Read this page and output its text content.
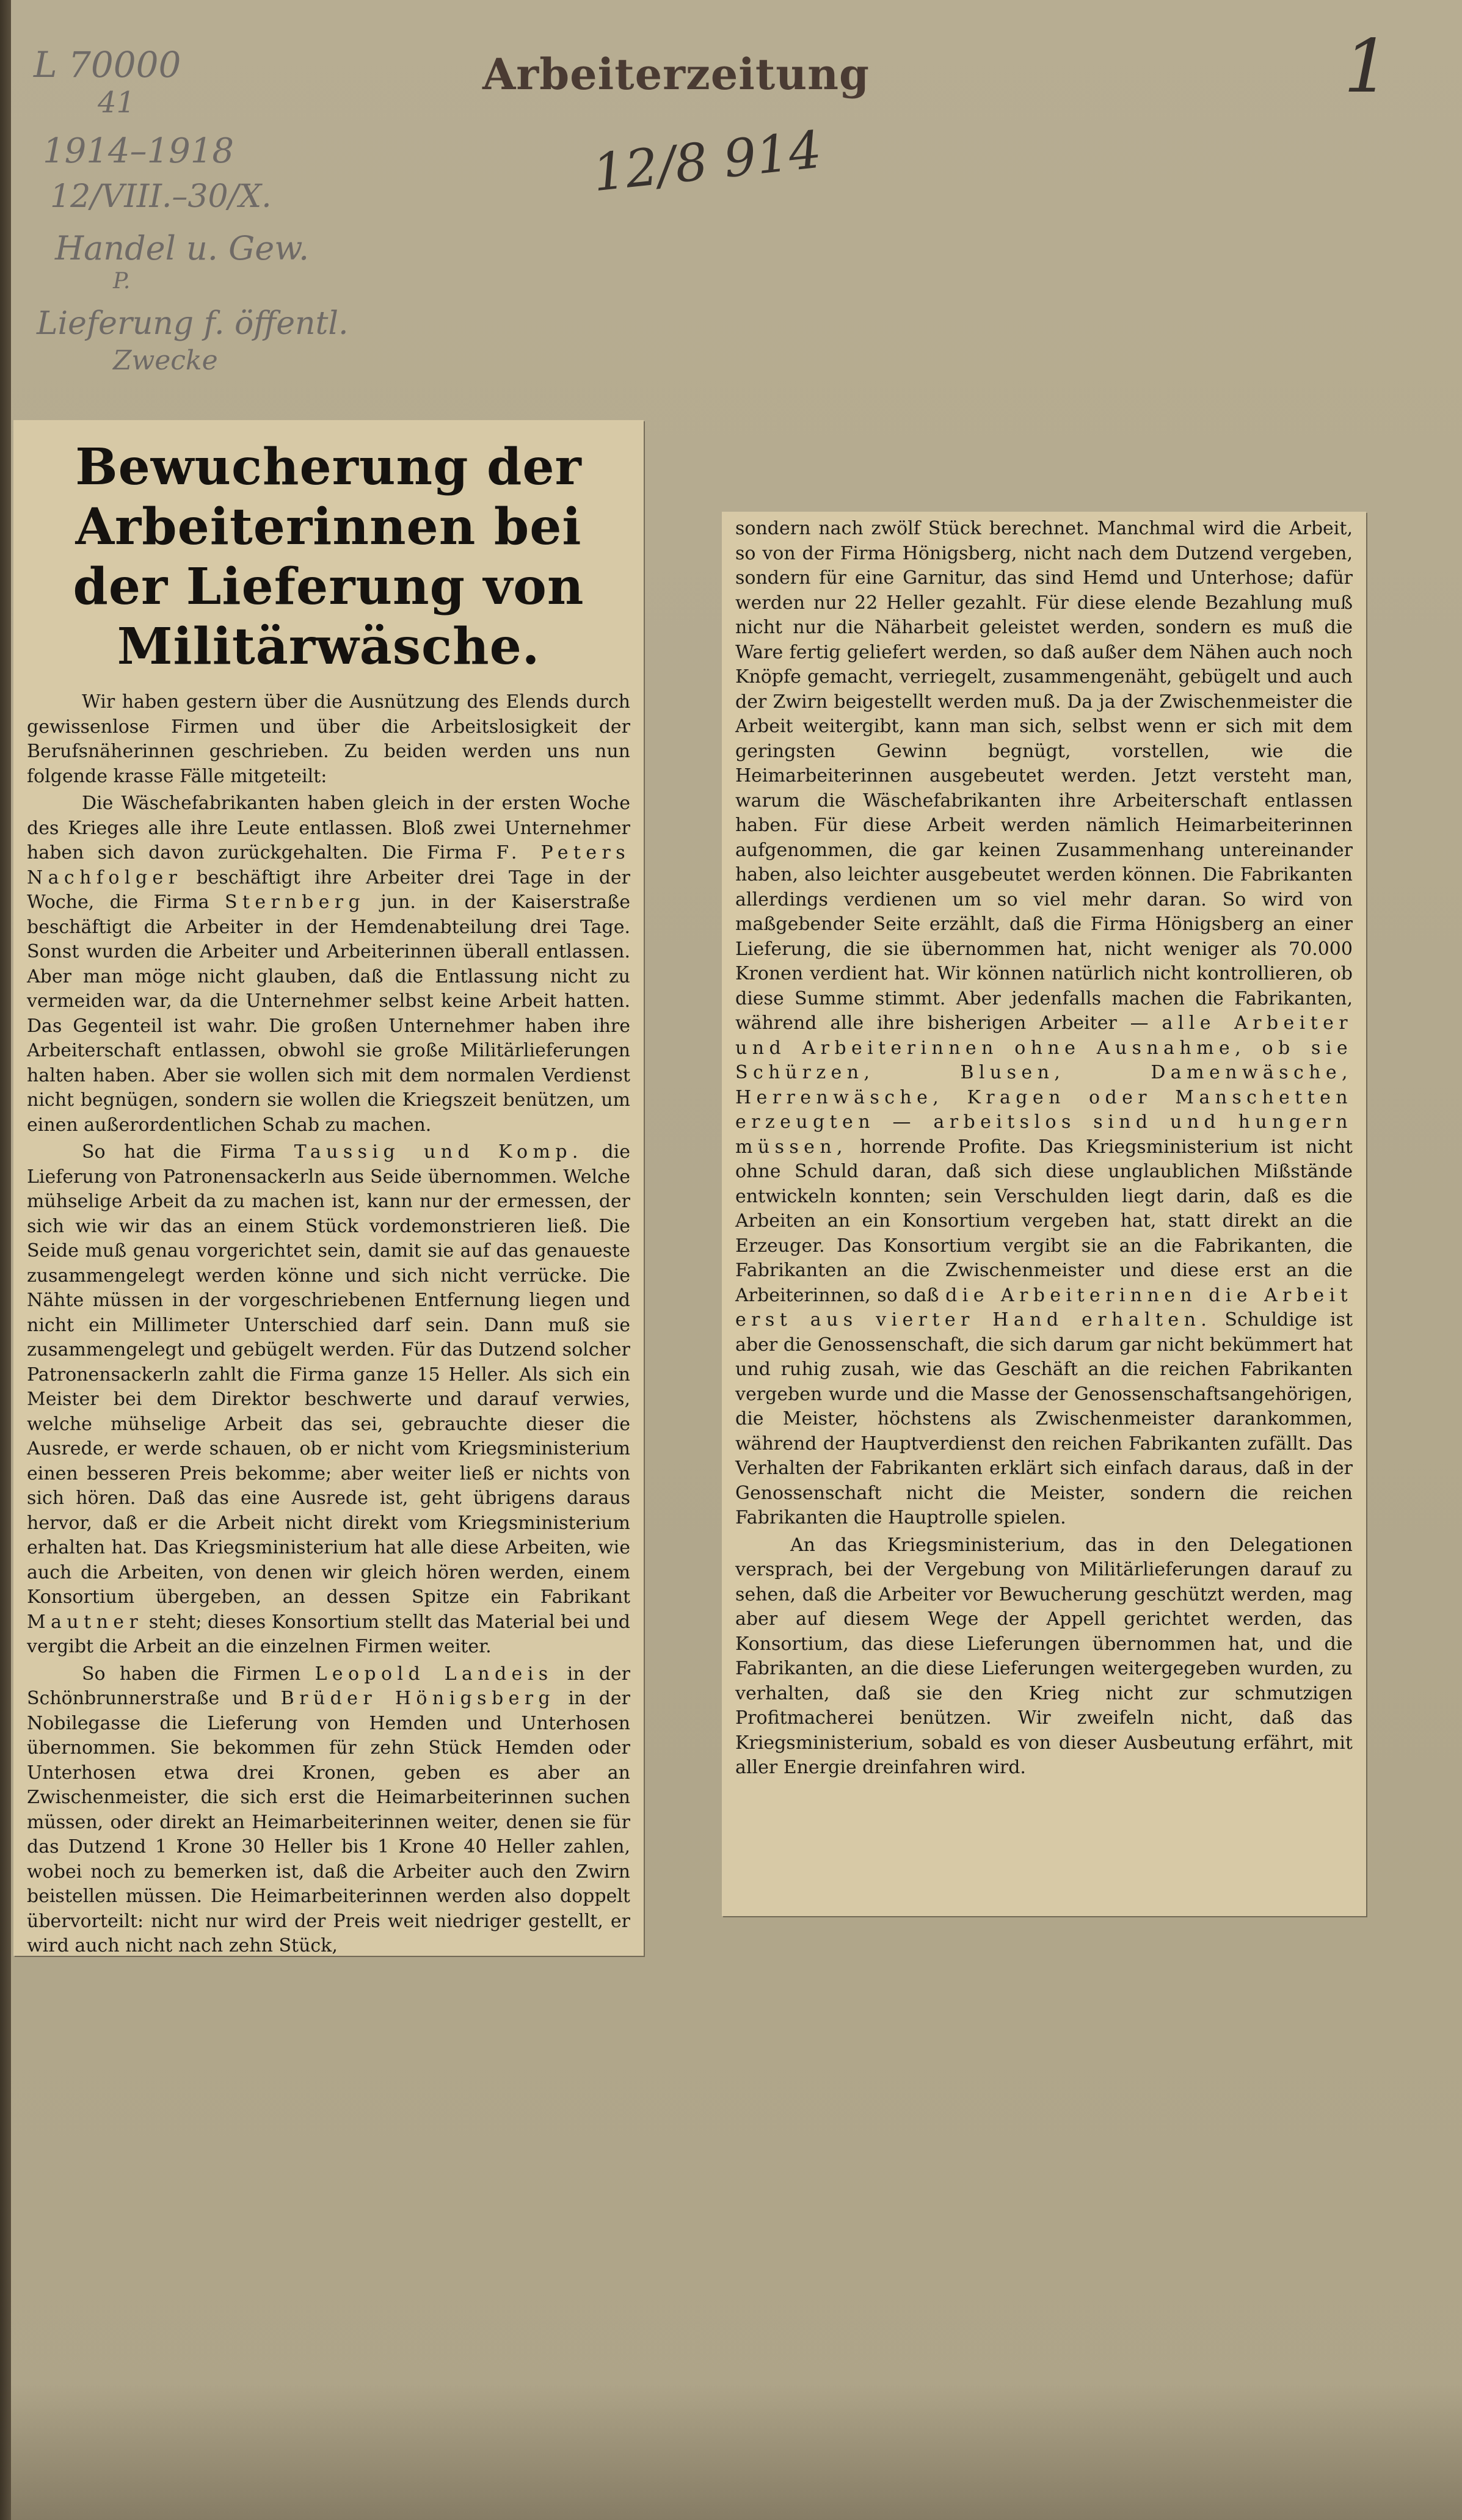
L 70000
41
1914–1918
12/VIII.–30/X.
Handel u. Gew.
P.
Lieferung f. öffentl.
Zwecke
Arbeiterzeitung
12/8 914
1
Bewucherung der Arbeiterinnen bei der Lieferung von Militärwäsche.

Wir haben gestern über die Ausnützung des Elends durch gewissenlose Firmen und über die Arbeitslosigkeit der Berufsnäherinnen geschrieben. Zu beiden werden uns nun folgende krasse Fälle mitgeteilt:

Die Wäschefabrikanten haben gleich in der ersten Woche des Krieges alle ihre Leute entlassen. Bloß zwei Unternehmer haben sich davon zurückgehalten. Die Firma F. Peters Nachfolger beschäftigt ihre Arbeiter drei Tage in der Woche, die Firma Sternberg jun. in der Kaiserstraße beschäftigt die Arbeiter in der Hemdenabteilung drei Tage. Sonst wurden die Arbeiter und Arbeiterinnen überall entlassen. Aber man möge nicht glauben, daß die Entlassung nicht zu vermeiden war, da die Unternehmer selbst keine Arbeit hatten. Das Gegenteil ist wahr. Die großen Unternehmer haben ihre Arbeiterschaft entlassen, obwohl sie große Militärlieferungen halten haben. Aber sie wollen sich mit dem normalen Verdienst nicht begnügen, sondern sie wollen die Kriegszeit benützen, um einen außerordentlichen Schab zu machen.

So hat die Firma Taussig und Komp. die Lieferung von Patronensackerln aus Seide übernommen. Welche mühselige Arbeit da zu machen ist, kann nur der ermessen, der sich wie wir das an einem Stück vordemonstrieren ließ. Die Seide muß genau vorgerichtet sein, damit sie auf das genaueste zusammengelegt werden könne und sich nicht verrücke. Die Nähte müssen in der vorgeschriebenen Entfernung liegen und nicht ein Millimeter Unterschied darf sein. Dann muß sie zusammengelegt und gebügelt werden. Für das Dutzend solcher Patronensackerln zahlt die Firma ganze 15 Heller. Als sich ein Meister bei dem Direktor beschwerte und darauf verwies, welche mühselige Arbeit das sei, gebrauchte dieser die Ausrede, er werde schauen, ob er nicht vom Kriegsministerium einen besseren Preis bekomme; aber weiter ließ er nichts von sich hören. Daß das eine Ausrede ist, geht übrigens daraus hervor, daß er die Arbeit nicht direkt vom Kriegsministerium erhalten hat. Das Kriegsministerium hat alle diese Arbeiten, wie auch die Arbeiten, von denen wir gleich hören werden, einem Konsortium übergeben, an dessen Spitze ein Fabrikant Mautner steht; dieses Konsortium stellt das Material bei und vergibt die Arbeit an die einzelnen Firmen weiter.

So haben die Firmen Leopold Landeis in der Schönbrunnerstraße und Brüder Hönigsberg in der Nobilegasse die Lieferung von Hemden und Unterhosen übernommen. Sie bekommen für zehn Stück Hemden oder Unterhosen etwa drei Kronen, geben es aber an Zwischenmeister, die sich erst die Heimarbeiterinnen suchen müssen, oder direkt an Heimarbeiterinnen weiter, denen sie für das Dutzend 1 Krone 30 Heller bis 1 Krone 40 Heller zahlen, wobei noch zu bemerken ist, daß die Arbeiter auch den Zwirn beistellen müssen. Die Heimarbeiterinnen werden also doppelt übervorteilt: nicht nur wird der Preis weit niedriger gestellt, er wird auch nicht nach zehn Stück,

sondern nach zwölf Stück berechnet. Manchmal wird die Arbeit, so von der Firma Hönigsberg, nicht nach dem Dutzend vergeben, sondern für eine Garnitur, das sind Hemd und Unterhose; dafür werden nur 22 Heller gezahlt. Für diese elende Bezahlung muß nicht nur die Näharbeit geleistet werden, sondern es muß die Ware fertig geliefert werden, so daß außer dem Nähen auch noch Knöpfe gemacht, verriegelt, zusammengenäht, gebügelt und auch der Zwirn beigestellt werden muß. Da ja der Zwischenmeister die Arbeit weitergibt, kann man sich, selbst wenn er sich mit dem geringsten Gewinn begnügt, vorstellen, wie die Heimarbeiterinnen ausgebeutet werden. Jetzt versteht man, warum die Wäschefabrikanten ihre Arbeiterschaft entlassen haben. Für diese Arbeit werden nämlich Heimarbeiterinnen aufgenommen, die gar keinen Zusammenhang untereinander haben, also leichter ausgebeutet werden können. Die Fabrikanten allerdings verdienen um so viel mehr daran. So wird von maßgebender Seite erzählt, daß die Firma Hönigsberg an einer Lieferung, die sie übernommen hat, nicht weniger als 70.000 Kronen verdient hat. Wir können natürlich nicht kontrollieren, ob diese Summe stimmt. Aber jedenfalls machen die Fabrikanten, während alle ihre bisherigen Arbeiter — alle Arbeiter und Arbeiterinnen ohne Ausnahme, ob sie Schürzen, Blusen, Damenwäsche, Herrenwäsche, Kragen oder Manschetten erzeugten — arbeitslos sind und hungern müssen, horrende Profite. Das Kriegsministerium ist nicht ohne Schuld daran, daß sich diese unglaublichen Mißstände entwickeln konnten; sein Verschulden liegt darin, daß es die Arbeiten an ein Konsortium vergeben hat, statt direkt an die Erzeuger. Das Konsortium vergibt sie an die Fabrikanten, die Fabrikanten an die Zwischenmeister und diese erst an die Arbeiterinnen, so daß die Arbeiterinnen die Arbeit erst aus vierter Hand erhalten. Schuldige ist aber die Genossenschaft, die sich darum gar nicht bekümmert hat und ruhig zusah, wie das Geschäft an die reichen Fabrikanten vergeben wurde und die Masse der Genossenschaftsangehörigen, die Meister, höchstens als Zwischenmeister darankommen, während der Hauptverdienst den reichen Fabrikanten zufällt. Das Verhalten der Fabrikanten erklärt sich einfach daraus, daß in der Genossenschaft nicht die Meister, sondern die reichen Fabrikanten die Hauptrolle spielen.

An das Kriegsministerium, das in den Delegationen versprach, bei der Vergebung von Militärlieferungen darauf zu sehen, daß die Arbeiter vor Bewucherung geschützt werden, mag aber auf diesem Wege der Appell gerichtet werden, das Konsortium, das diese Lieferungen übernommen hat, und die Fabrikanten, an die diese Lieferungen weitergegeben wurden, zu verhalten, daß sie den Krieg nicht zur schmutzigen Profitmacherei benützen. Wir zweifeln nicht, daß das Kriegsministerium, sobald es von dieser Ausbeutung erfährt, mit aller Energie dreinfahren wird.
